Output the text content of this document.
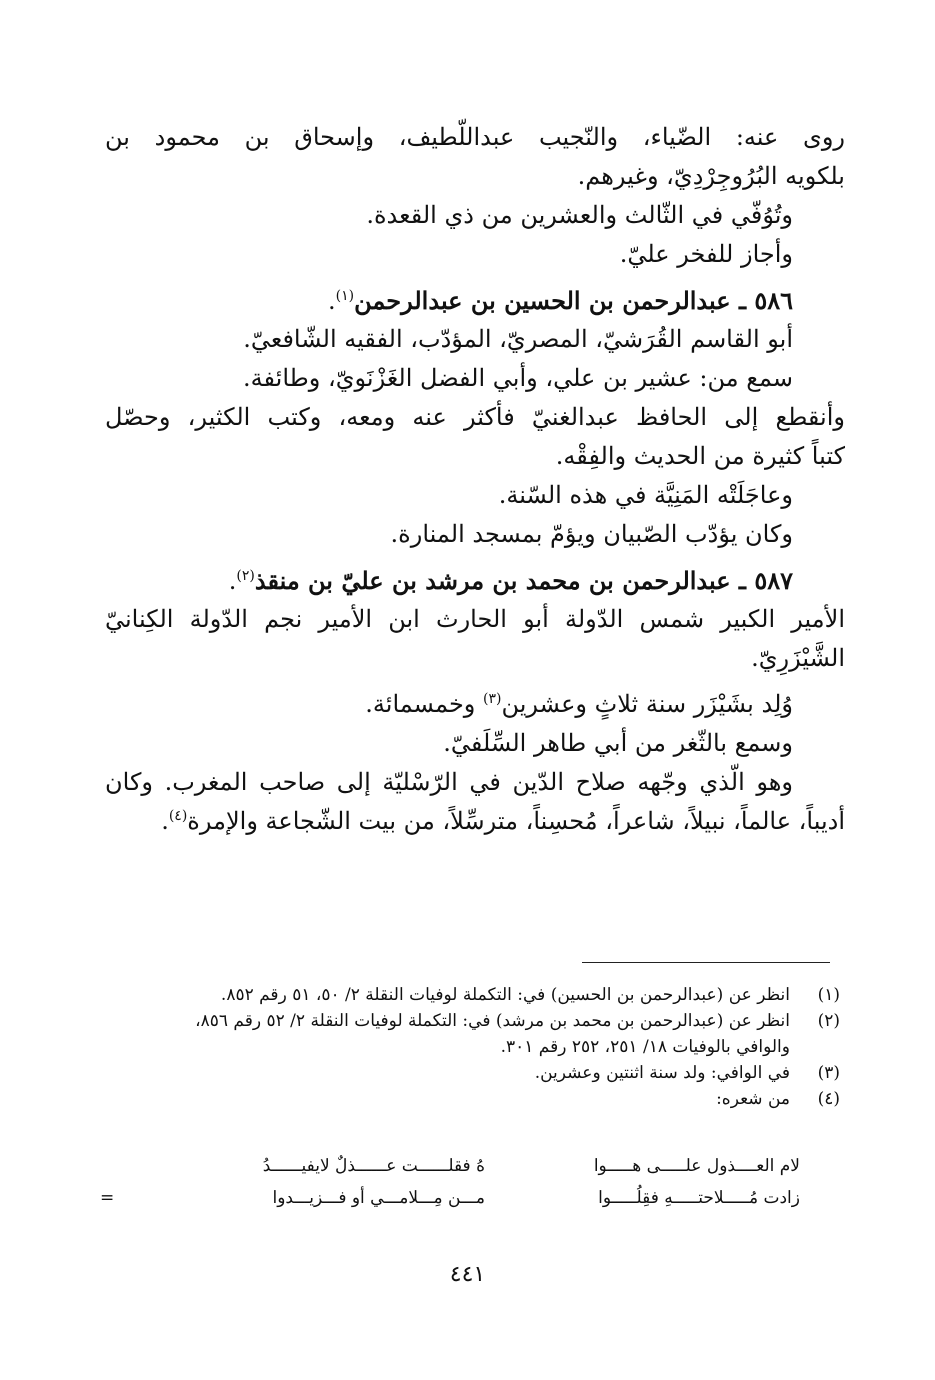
روى عنه: الضّياء، والنّجيب عبداللّطيف، وإسحاق بن محمود بن
بلكويه البُرُوجِرْدِيّ، وغيرهم.
وتُوُفّي في الثّالث والعشرين من ذي القعدة.
وأجاز للفخر عليّ.
٥٨٦ ـ عبدالرحمن بن الحسين بن عبدالرحمن$^{(١)}$.
أبو القاسم القُرَشيّ، المصريّ، المؤدّب، الفقيه الشّافعيّ.
سمع من: عشير بن علي، وأبي الفضل الغَزْنَويّ، وطائفة.
وأنقطع إلى الحافظ عبدالغنيّ فأكثر عنه ومعه، وكتب الكثير، وحصّل
كتباً كثيرة من الحديث والفِقْه.
وعاجَلَتْه المَنِيَّة في هذه السّنة.
وكان يؤدّب الصّبيان ويؤمّ بمسجد المنارة.
٥٨٧ ـ عبدالرحمن بن محمد بن مرشد بن عليّ بن منقذ$^{(٢)}$.
الأمير الكبير شمس الدّولة أبو الحارث ابن الأمير نجم الدّولة الكِنانيّ
الشَّيْزَرِيّ.
وُلِد بشَيْزَر سنة ثلاثٍ وعشرين$^{(٣)}$ وخمسمائة.
وسمع بالثّغر من أبي طاهر السِّلَفيّ.
وهو الّذي وجّهه صلاح الدّين في الرّسْليّة إلى صاحب المغرب. وكان
أديباً، عالماً، نبيلاً، شاعراً، مُحسِناً، مترسِّلاً، من بيت الشّجاعة والإمرة$^{(٤)}$.
(١)
انظر عن (عبدالرحمن بن الحسين) في: التكملة لوفيات النقلة ٢/ ٥٠، ٥١ رقم ٨٥٢.
(٢)
انظر عن (عبدالرحمن بن محمد بن مرشد) في: التكملة لوفيات النقلة ٢/ ٥٢ رقم ٨٥٦،
والوافي بالوفيات ١٨/ ٢٥١، ٢٥٢ رقم ٣٠١.
(٣)
في الوافي: ولد سنة اثنتين وعشرين.
(٤)
من شعره:
لام العــــذول علـــــى هـــــوا
هُ فقلــــــت عــــــذلٌ لايفيــــــدُ
زادت مُـــــلاحتـــــهِ فقِلُـــــوا
مـــن مِـــلامـــي أو فـــزيـــدوا
=
٤٤١
